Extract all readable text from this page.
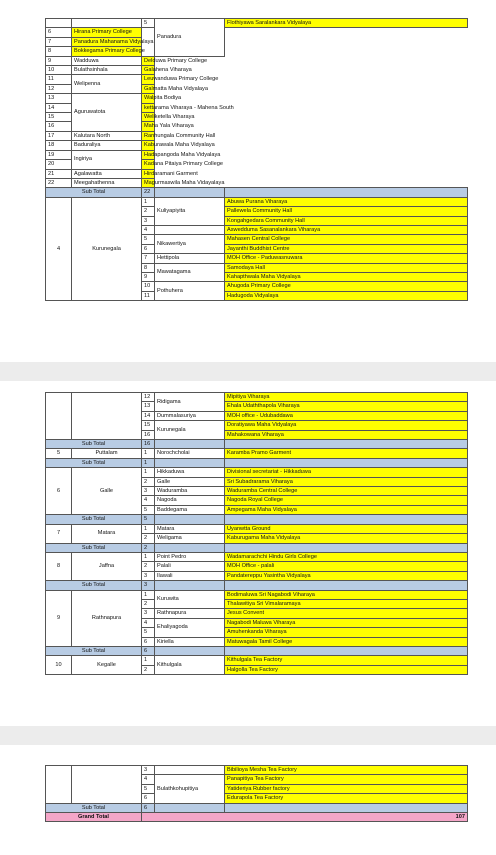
		5	Panadura	Flothiyawa Saralankara Vidyalaya
6	Hirana Primary College			
7	Panadura Mahanama Vidyalaya			
8	Bokkegama Primary College			
9	Wadduwa	Delduwa Primary College		
10	Bulathsinhala	Galahena Viharaya		
11	Welipenna	Leuwanduwa Primary College		
12		Galmatta Maha Vidyalaya		
13	Aguruwatota	Walpita Bodiya		
14		kettarama Viharaya - Mahena South		
15		Weliketella Viharaya		
16		Maha Yala Viharaya		
17	Kalutara North	Ranhungala Community Hall		
18	Baduraliya	Kaburawala Maha Vidyalaya		
19	Ingiriya	Hadapangoda Maha Vidyalaya		
20		Kadana Pitaiya Primary College		
21	Agalawatta	Hirdaramani Garment		
22	Meegahathenna	Magurmaswila Maha Vidayalaya		
Sub Total		22		
4	Kurunegala	1	Kuliyapiyita	Abuwa Purana Viharaya
		2		Pallewela Community Hall
		3		Kongahgedara Community Hall
		4		Aswedduma Sasanalankara Viharaya
		5	Nikawertiya	Mahasen Central College
		6		Jayanthi Buddhist Centre
		7	Hettipola	MOH Office - Paduwasnuwara
		8	Mawatagama	Samodaya Hall
		9		Kahapthwala Maha Vidyalaya
		10	Pothuhera	Ahugoda Primary College
		11		Hadugoda Vidyalaya
		12	Ridigama	Mipitiya Viharaya
		13		Ehala Udaththapola Viharaya
		14	Dummalasuriya	MOH office - Udubaddawa
		15	Kurunegala	Doratiyawa Maha Vidyalaya
		16		Mahakowana Viharaya
Sub Total		16		
5	Puttalam	1	Norochcholai	Karamba Pramo Garment
Sub Total		1		
6	Galle	1	Hikkaduwa	Divisional secretariat - Hikkaduwa
		2	Galle	Sri Subadrarama Viharaya
		3	Waduramba	Waduramba Central College
		4	Nagoda	Nagoda Royal College
		5	Baddegama	Ampegama Maha Vidyalaya
Sub Total		5		
7	Matara	1	Matara	Uyanwtta Ground
		2	Weligama	Kaburugama Maha Vidyalaya
Sub Total		2		
8	Jaffna	1	Point Pedro	Wadamarachchi Hindu Girls College
		2	Palali	MOH Office - palali
		3	Ilawali	Pandatereppu Yasintha Vidyalaya
Sub Total		3		
9	Rathnapura	1	Kuruwita	Bodimaluwa Sri Nagabodi Viharaya
		2		Thalawitiya Sri Vimalaramaya
		3	Rathnapura	Jesus Convent
		4	Ehaliyagoda	Nagabodi Maluwa Viharaya
		5		Amuhenkanda Viharaya
		6	Kiriella	Matuwagala Tamil College
Sub Total		6		
10	Kegalle	1	Kithulgala	Kithulgala Tea Factory
		2		Halgolla Tea Factory
		3		Bibilioya Mesha Tea Factory
		4	Bulathkohupitiya	Panapitiya Tea Factory
		5		Yatideriya Rubber factory
		6		Edurapola Tea Factory
Sub Total		6		
Grand Total		107		
